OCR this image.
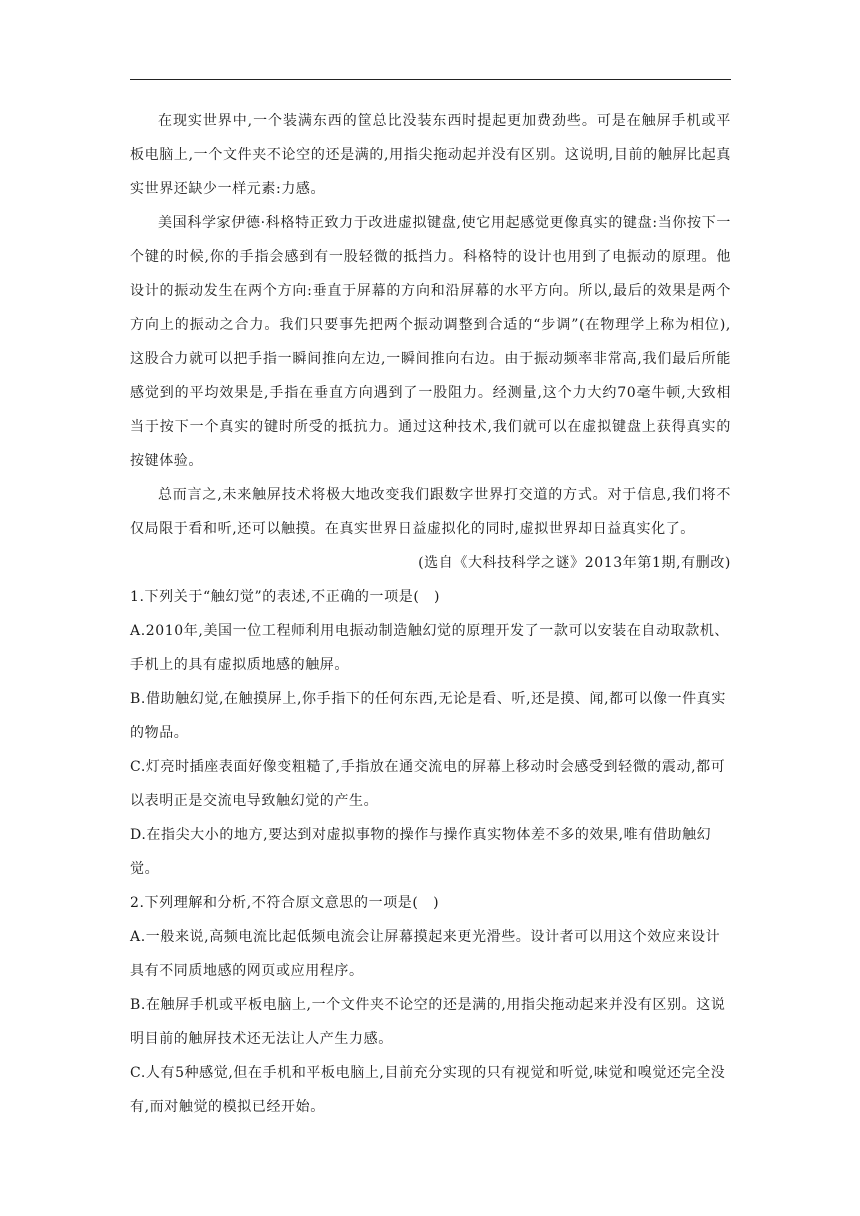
在现实世界中,一个装满东西的筐总比没装东西时提起更加费劲些。可是在触屏手机或平板电脑上,一个文件夹不论空的还是满的,用指尖拖动起并没有区别。这说明,目前的触屏比起真实世界还缺少一样元素:力感。

美国科学家伊德·科格特正致力于改进虚拟键盘,使它用起感觉更像真实的键盘:当你按下一个键的时候,你的手指会感到有一股轻微的抵挡力。科格特的设计也用到了电振动的原理。他设计的振动发生在两个方向:垂直于屏幕的方向和沿屏幕的水平方向。所以,最后的效果是两个方向上的振动之合力。我们只要事先把两个振动调整到合适的“步调”(在物理学上称为相位),这股合力就可以把手指一瞬间推向左边,一瞬间推向右边。由于振动频率非常高,我们最后所能感觉到的平均效果是,手指在垂直方向遇到了一股阻力。经测量,这个力大约70毫牛顿,大致相当于按下一个真实的键时所受的抵抗力。通过这种技术,我们就可以在虚拟键盘上获得真实的按键体验。

总而言之,未来触屏技术将极大地改变我们跟数字世界打交道的方式。对于信息,我们将不仅局限于看和听,还可以触摸。在真实世界日益虚拟化的同时,虚拟世界却日益真实化了。

(选自《大科技科学之谜》2013年第1期,有删改)

1.下列关于“触幻觉”的表述,不正确的一项是(　)

A.2010年,美国一位工程师利用电振动制造触幻觉的原理开发了一款可以安装在自动取款机、手机上的具有虚拟质地感的触屏。

B.借助触幻觉,在触摸屏上,你手指下的任何东西,无论是看、听,还是摸、闻,都可以像一件真实的物品。

C.灯亮时插座表面好像变粗糙了,手指放在通交流电的屏幕上移动时会感受到轻微的震动,都可以表明正是交流电导致触幻觉的产生。

D.在指尖大小的地方,要达到对虚拟事物的操作与操作真实物体差不多的效果,唯有借助触幻觉。

2.下列理解和分析,不符合原文意思的一项是(　)

A.一般来说,高频电流比起低频电流会让屏幕摸起来更光滑些。设计者可以用这个效应来设计具有不同质地感的网页或应用程序。

B.在触屏手机或平板电脑上,一个文件夹不论空的还是满的,用指尖拖动起来并没有区别。这说明目前的触屏技术还无法让人产生力感。

C.人有5种感觉,但在手机和平板电脑上,目前充分实现的只有视觉和听觉,味觉和嗅觉还完全没有,而对触觉的模拟已经开始。
